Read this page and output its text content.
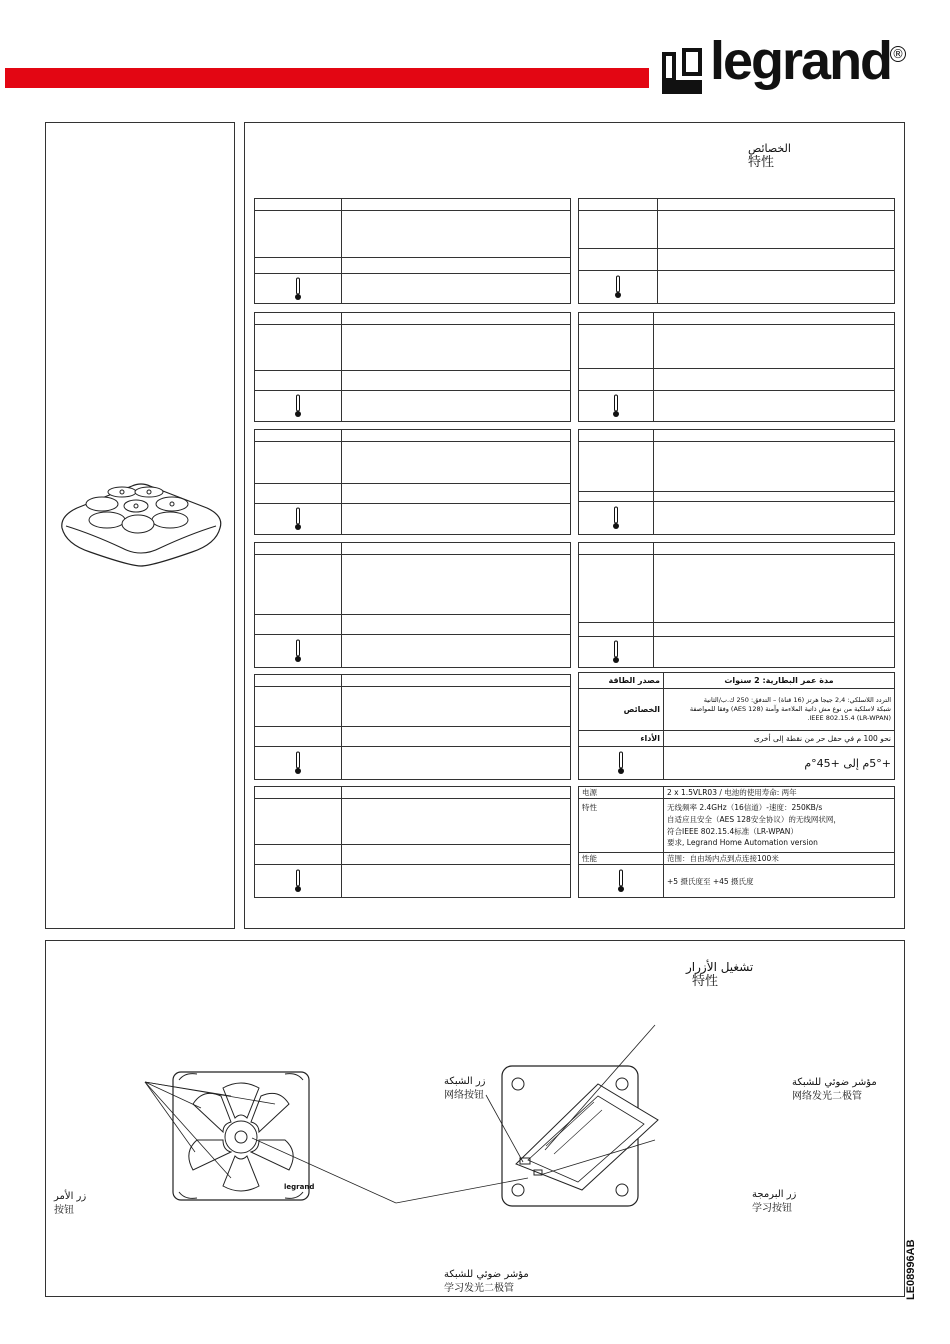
legrand ®
الخصائص
特性

مصدر الطاقة	مدة عمر البطارية: 2 سنوات
الخصائص	التردد اللاسلكي: 2,4 جيجا هرتز (16 قناة) – التدفق: 250 ك.ب/الثانية
شبكة لاسلكية من نوع مش ذاتية الملاءمة وآمنة (AES 128) وفقا للمواصفة
(LR-WPAN) IEEE 802.15.4.

الأداء	نحو 100 م في حقل حر من نقطة إلى أخرى

	+5°م إلى +45°م
电源	2 x 1.5VLR03 / 电池的使用寿命: 两年
特性	无线频率 2.4GHz（16信道）-速度：250KB/s
自适应且安全（AES 128安全协议）的无线网状网，
符合IEEE 802.15.4标准（LR-WPAN）
要求, Legrand Home Automation version

性能	范围：自由场内点到点连接100米

	+5 摄氏度至 +45 摄氏度
تشغيل الأزرار
特性
legrand
زر الأمر
按钮
زر الشبكة
网络按钮
مؤشر ضوئي للشبكة
网络发光二极管
زر البرمجة
学习按钮
مؤشر ضوئي للشبكة
学习发光二极管	LE08996AB
